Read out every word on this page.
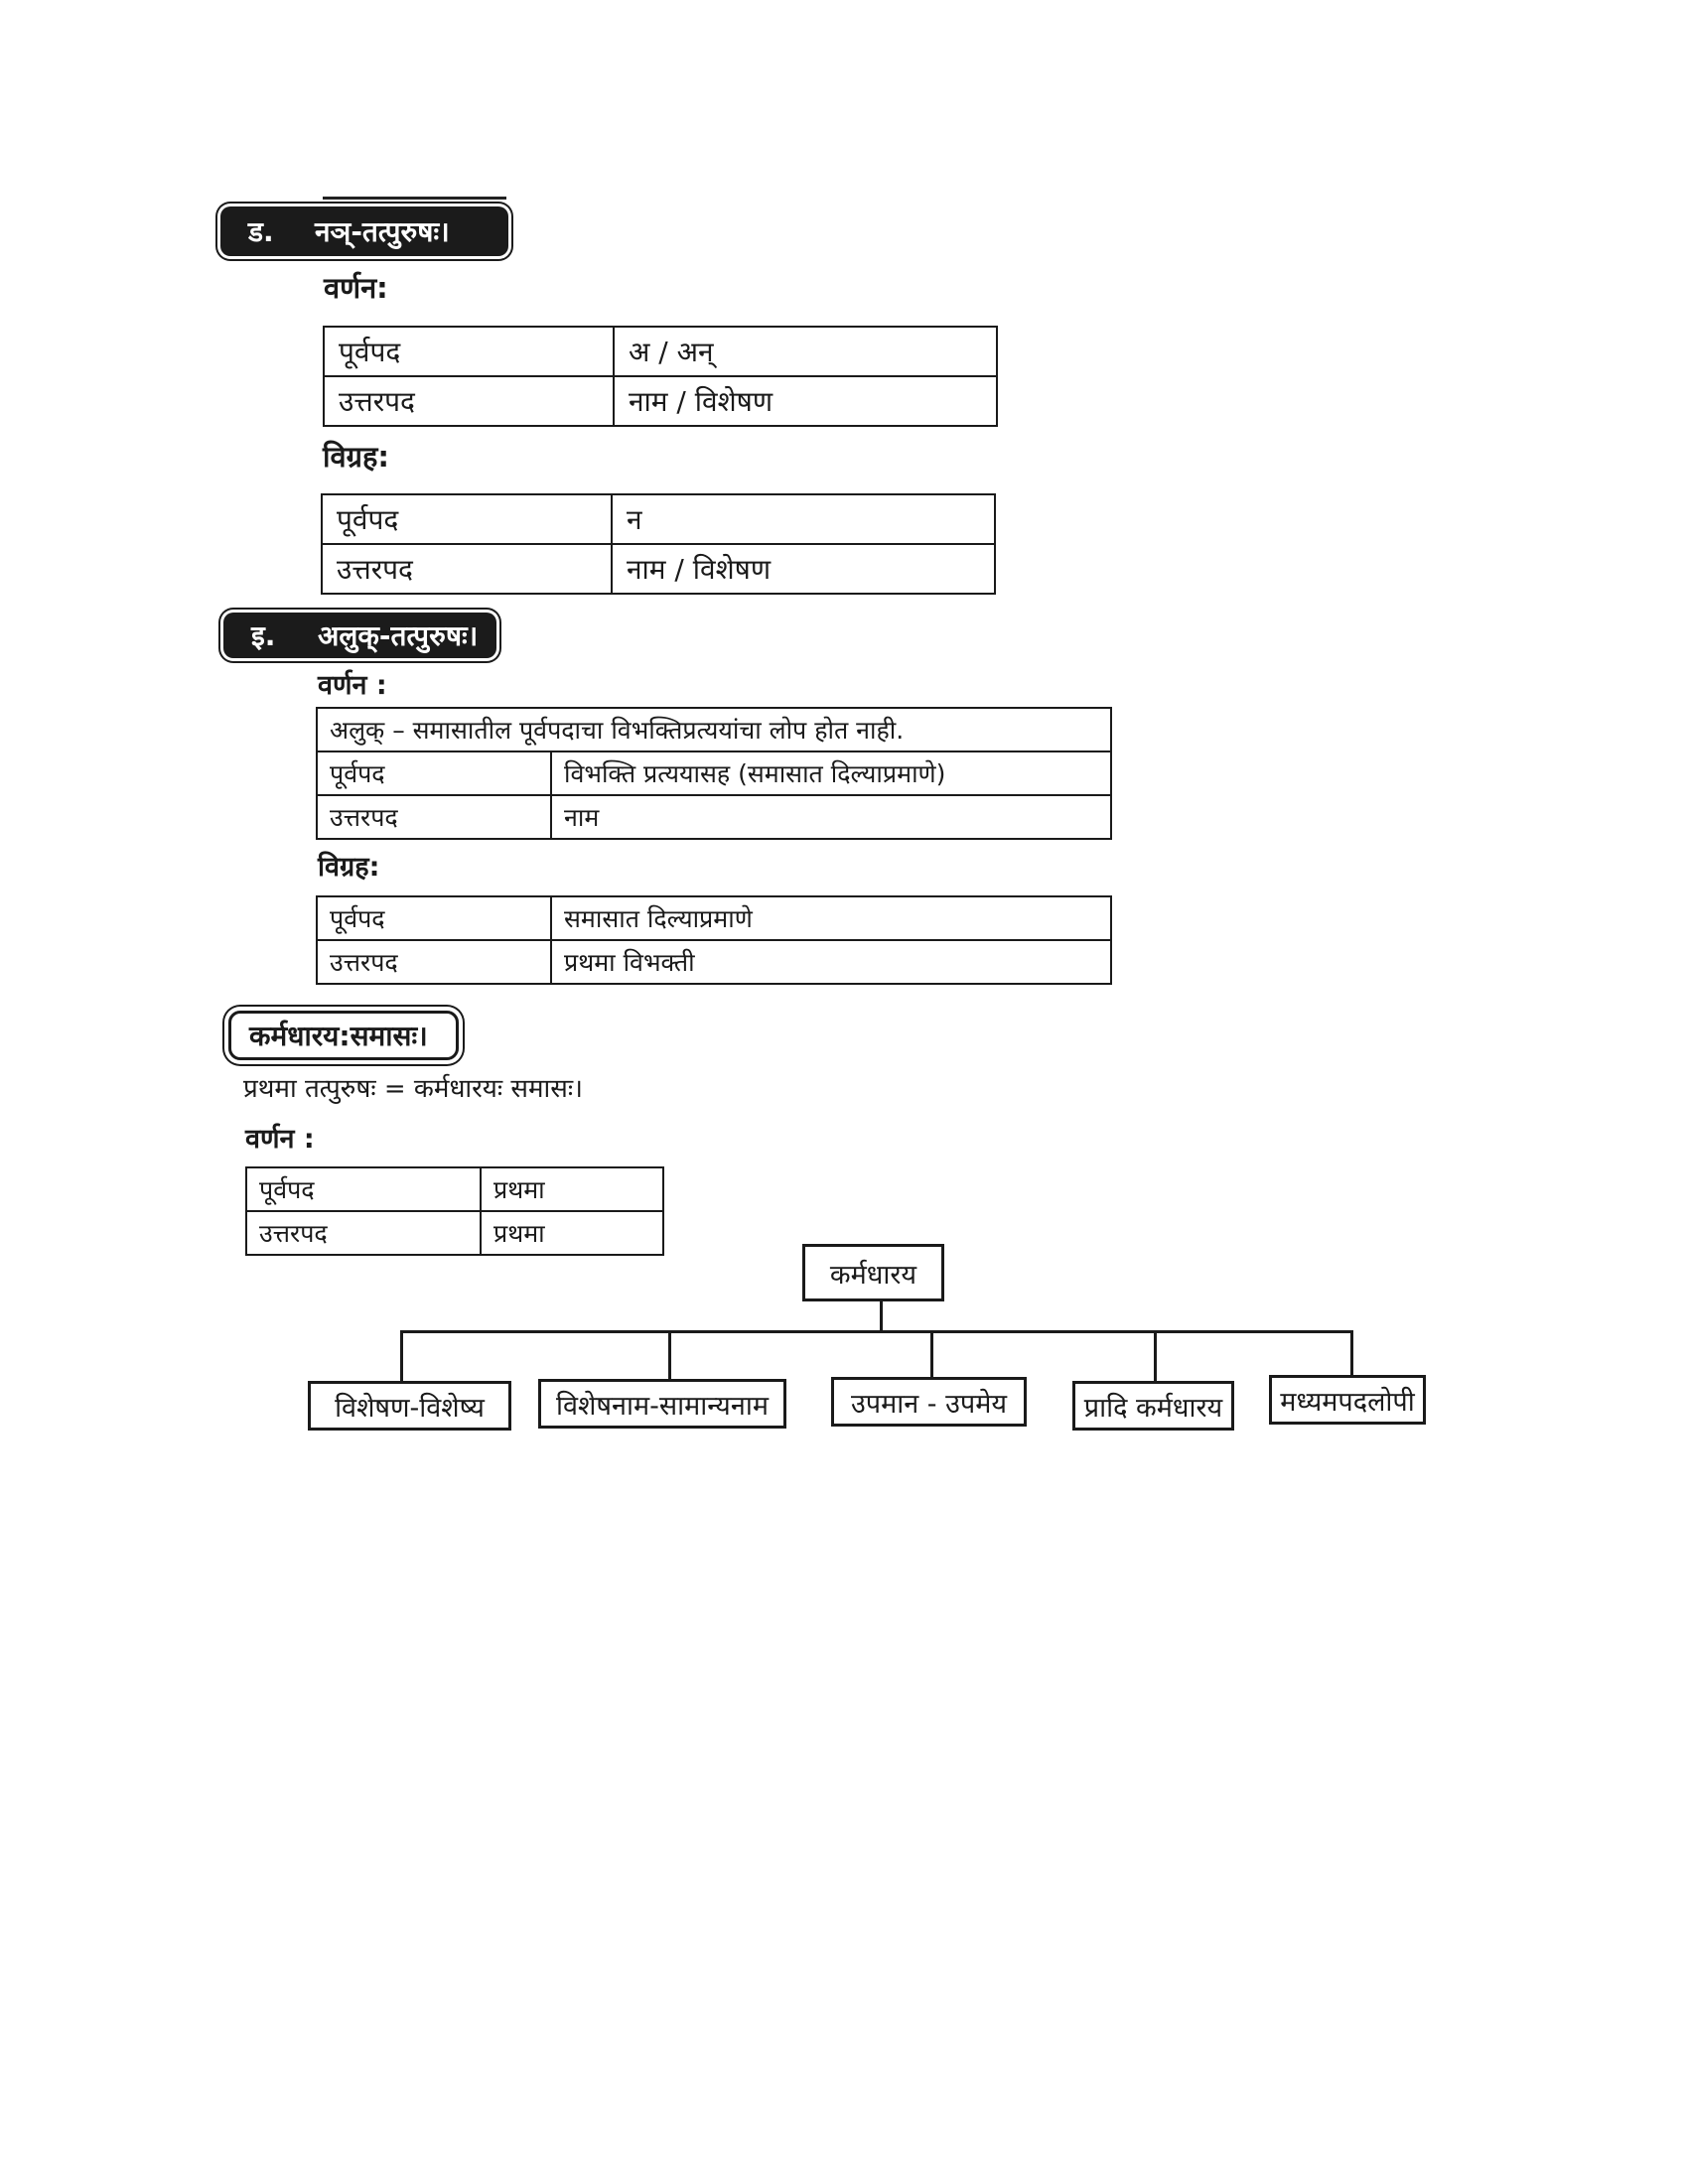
ड.	नञ्-तत्पुरुषः।
वर्णन:
पूर्वपद	अ / अन्
उत्तरपद	नाम / विशेषण
विग्रह:
पूर्वपद	न
उत्तरपद	नाम / विशेषण
इ.	अलुक्-तत्पुरुषः।
वर्णन :
अलुक् – समासातील पूर्वपदाचा विभक्तिप्रत्ययांचा लोप होत नाही.	
पूर्वपद	विभक्ति प्रत्ययासह (समासात दिल्याप्रमाणे)
उत्तरपद	नाम
विग्रह:
पूर्वपद	समासात दिल्याप्रमाणे
उत्तरपद	प्रथमा विभक्ती
कर्मधारय:समासः।
प्रथमा तत्पुरुषः = कर्मधारयः समासः।
वर्णन :
पूर्वपद	प्रथमा
उत्तरपद	प्रथमा
कर्मधारय
विशेषण-विशेष्य	विशेषनाम-सामान्यनाम	उपमान - उपमेय	प्रादि कर्मधारय	मध्यमपदलोपी
